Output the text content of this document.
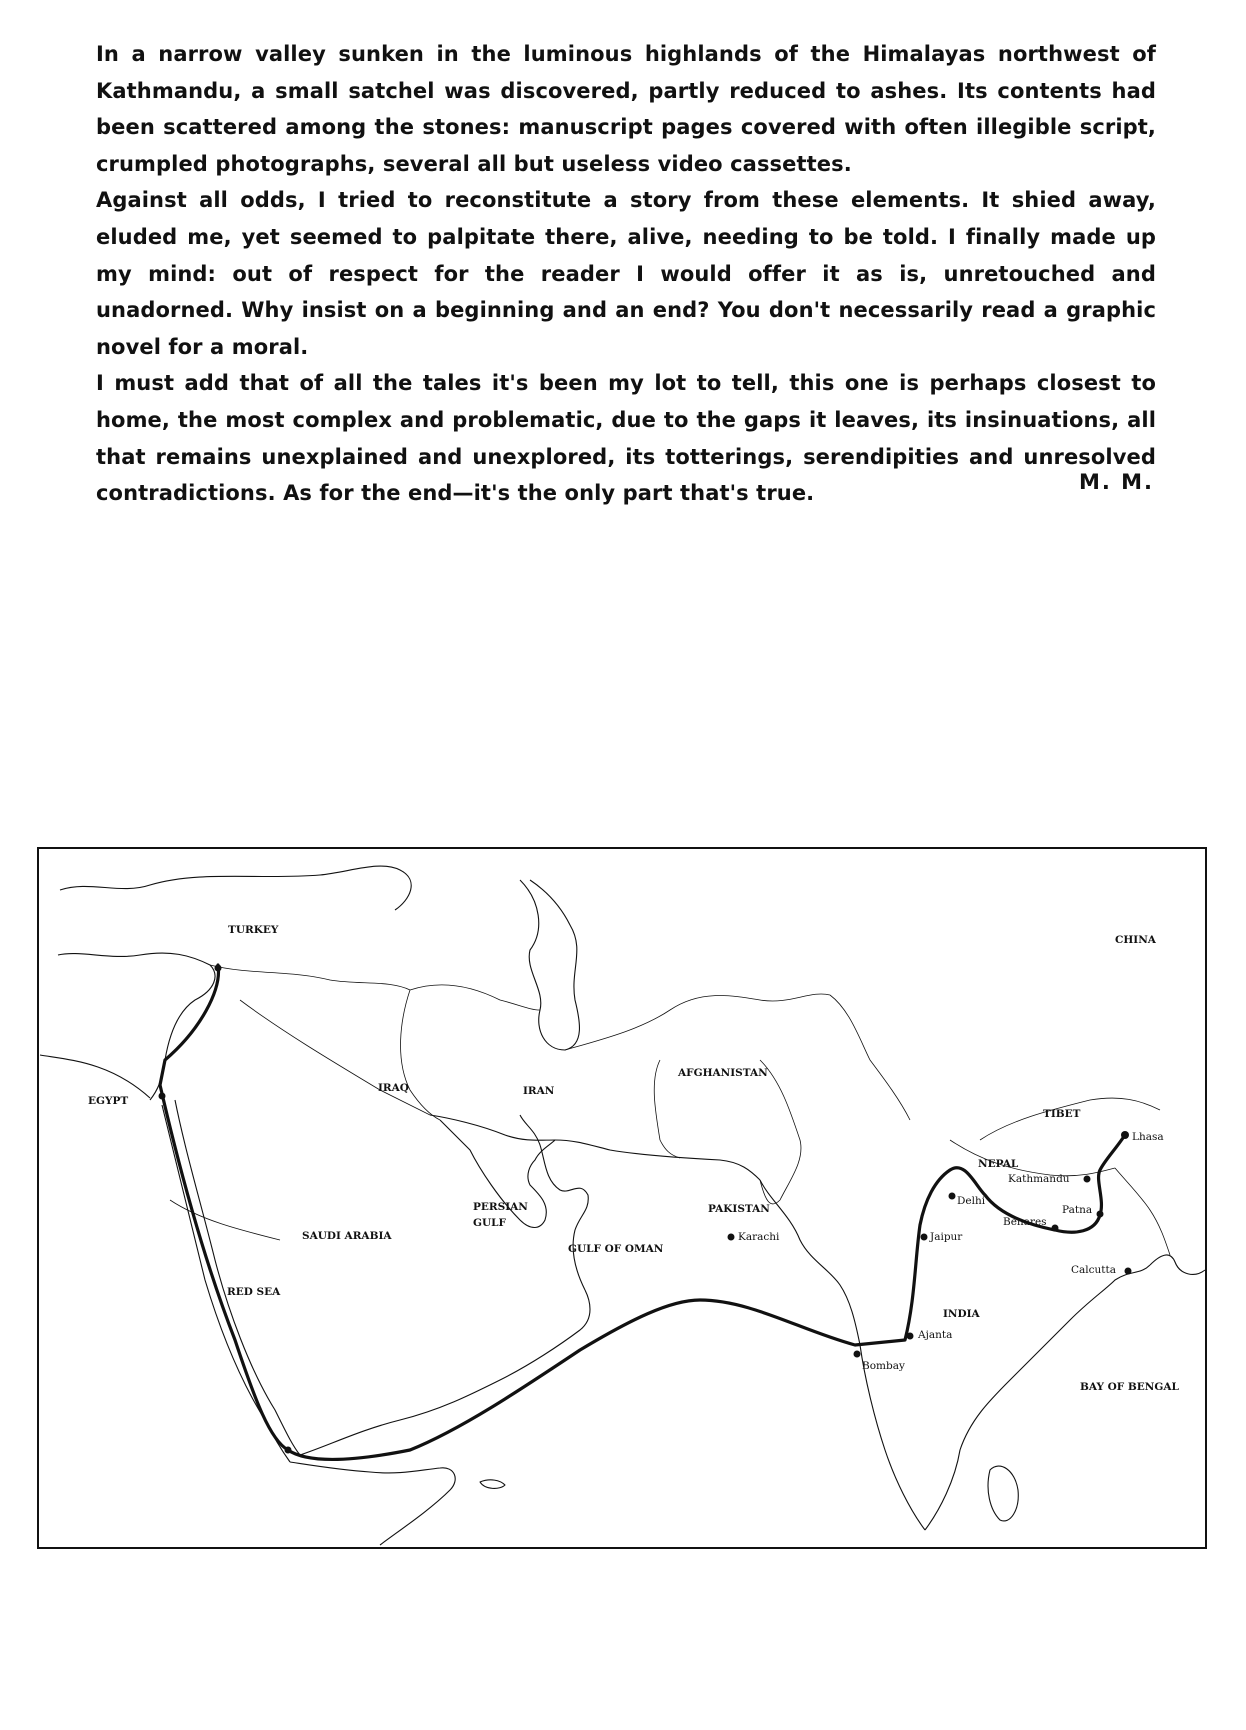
In a narrow valley sunken in the luminous highlands of the Himalayas northwest of Kathmandu, a small satchel was discovered, partly reduced to ashes. Its contents had been scattered among the stones: manuscript pages covered with often illegible script, crumpled photographs, several all but useless video cassettes.

Against all odds, I tried to reconstitute a story from these elements. It shied away, eluded me, yet seemed to palpitate there, alive, needing to be told. I finally made up my mind: out of respect for the reader I would offer it as is, unretouched and unadorned. Why insist on a beginning and an end? You don't necessarily read a graphic novel for a moral.

I must add that of all the tales it's been my lot to tell, this one is perhaps closest to home, the most complex and problematic, due to the gaps it leaves, its insinuations, all that remains unexplained and unexplored, its totterings, serendipities and unresolved contradictions. As for the end—it's the only part that's true.	M. M.
TURKEY
CHINA
EGYPT
IRAQ	IRAN
AFGHANISTAN
TIBET
NEPAL
PAKISTAN
PERSIAN
GULF
SAUDI ARABIA
GULF OF OMAN
RED SEA
INDIA
BAY OF BENGAL
Lhasa
Kathmandu
Delhi
Patna
Benares
Jaipur
Karachi
Calcutta
Ajanta
Bombay
